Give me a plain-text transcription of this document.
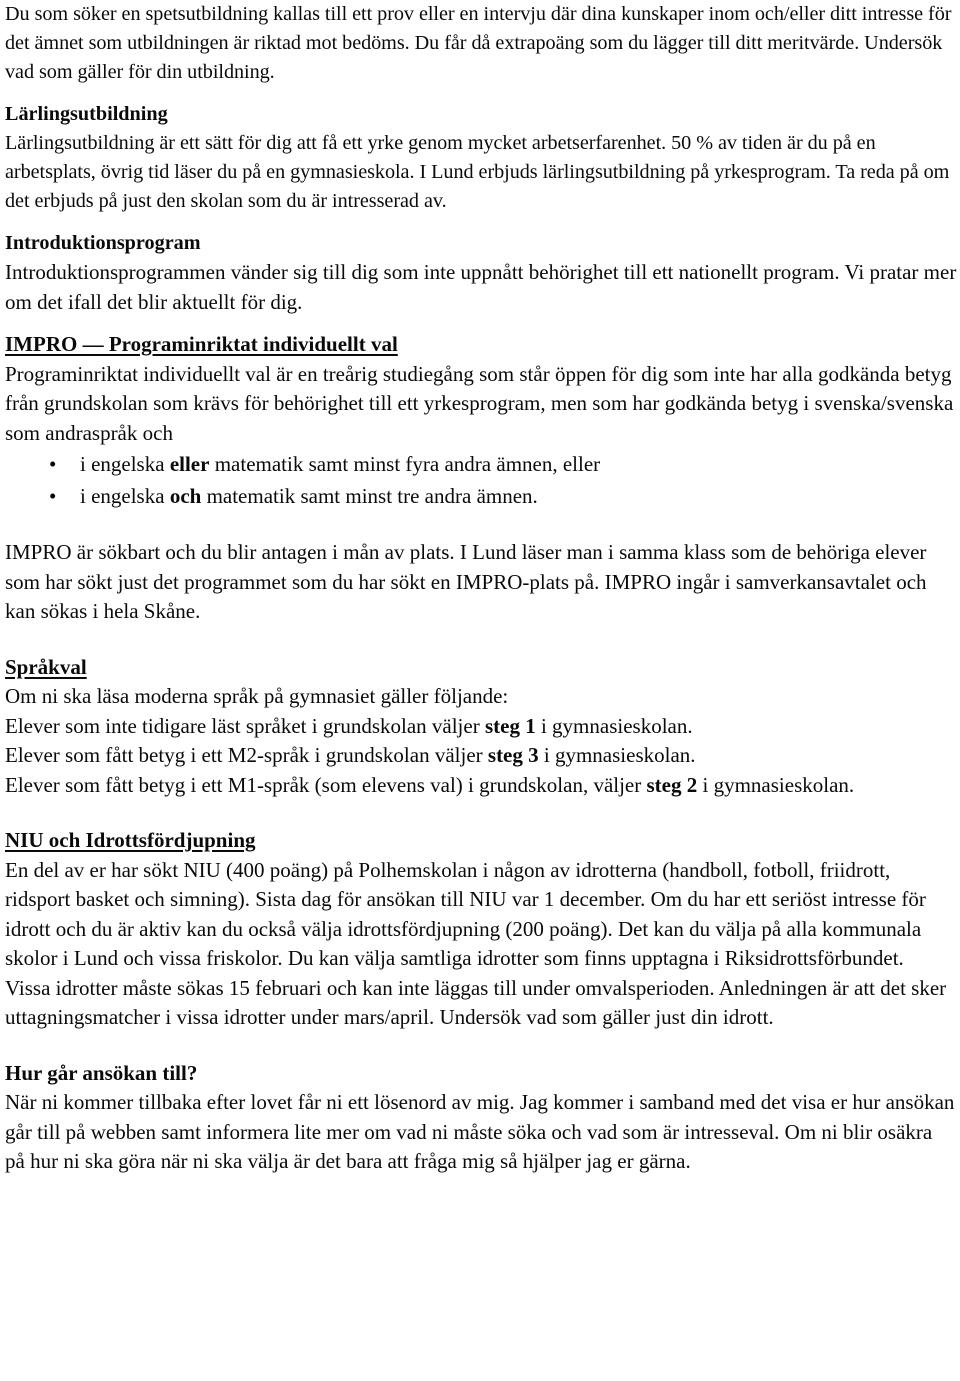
Du som söker en spetsutbildning kallas till ett prov eller en intervju där dina kunskaper inom och/eller ditt intresse för det ämnet som utbildningen är riktad mot bedöms. Du får då extrapoäng som du lägger till ditt meritvärde. Undersök vad som gäller för din utbildning.

Lärlingsutbildning

Lärlingsutbildning är ett sätt för dig att få ett yrke genom mycket arbetserfarenhet. 50 % av tiden är du på en arbetsplats, övrig tid läser du på en gymnasieskola. I Lund erbjuds lärlingsutbildning på yrkesprogram. Ta reda på om det erbjuds på just den skolan som du är intresserad av.

Introduktionsprogram

Introduktionsprogrammen vänder sig till dig som inte uppnått behörighet till ett nationellt program. Vi pratar mer om det ifall det blir aktuellt för dig.

IMPRO — Programinriktat individuellt val

Programinriktat individuellt val är en treårig studiegång som står öppen för dig som inte har alla godkända betyg från grundskolan som krävs för behörighet till ett yrkesprogram, men som har godkända betyg i svenska/svenska som andraspråk och

• i engelska eller matematik samt minst fyra andra ämnen, eller
• i engelska och matematik samt minst tre andra ämnen.

IMPRO är sökbart och du blir antagen i mån av plats. I Lund läser man i samma klass som de behöriga elever som har sökt just det programmet som du har sökt en IMPRO-plats på. IMPRO ingår i samverkansavtalet och kan sökas i hela Skåne.

Språkval

Om ni ska läsa moderna språk på gymnasiet gäller följande:

Elever som inte tidigare läst språket i grundskolan väljer steg 1 i gymnasieskolan.

Elever som fått betyg i ett M2-språk i grundskolan väljer steg 3 i gymnasieskolan.

Elever som fått betyg i ett M1-språk (som elevens val) i grundskolan, väljer steg 2 i gymnasieskolan.

NIU och Idrottsfördjupning

En del av er har sökt NIU (400 poäng) på Polhemskolan i någon av idrotterna (handboll, fotboll, friidrott, ridsport basket och simning). Sista dag för ansökan till NIU var 1 december. Om du har ett seriöst intresse för idrott och du är aktiv kan du också välja idrottsfördjupning (200 poäng). Det kan du välja på alla kommunala skolor i Lund och vissa friskolor. Du kan välja samtliga idrotter som finns upptagna i Riksidrottsförbundet.

Vissa idrotter måste sökas 15 februari och kan inte läggas till under omvalsperioden. Anledningen är att det sker uttagningsmatcher i vissa idrotter under mars/april. Undersök vad som gäller just din idrott.

Hur går ansökan till?

När ni kommer tillbaka efter lovet får ni ett lösenord av mig. Jag kommer i samband med det visa er hur ansökan går till på webben samt informera lite mer om vad ni måste söka och vad som är intresseval. Om ni blir osäkra på hur ni ska göra när ni ska välja är det bara att fråga mig så hjälper jag er gärna.
